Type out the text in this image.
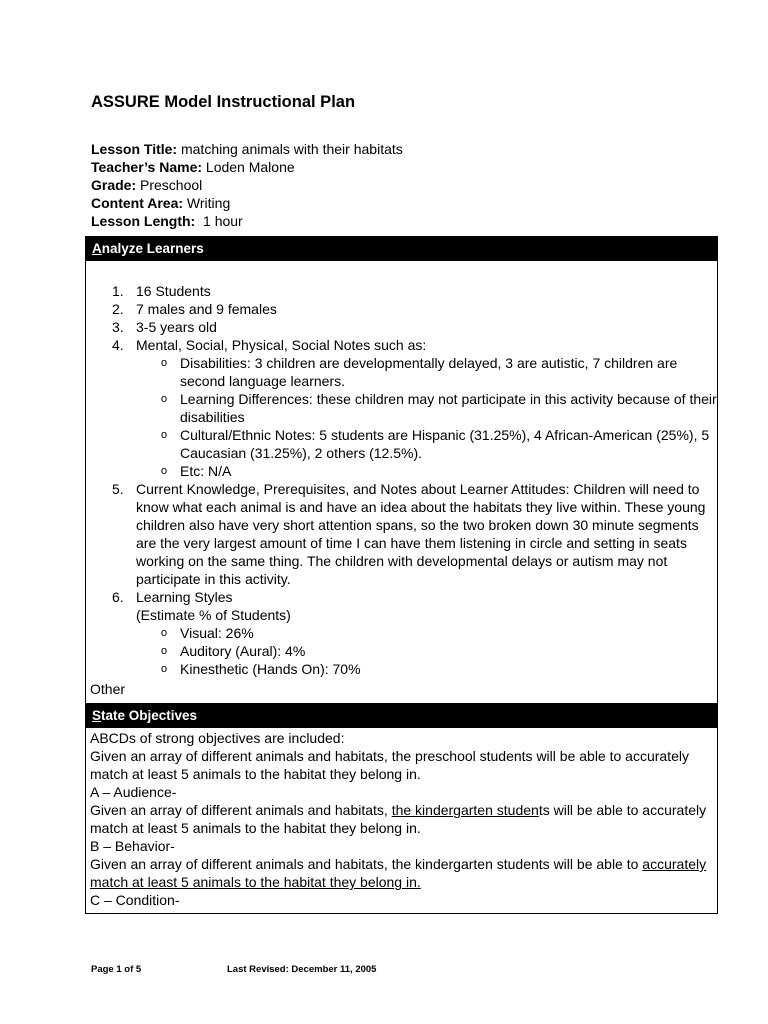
ASSURE Model Instructional Plan
Lesson Title: matching animals with their habitats
Teacher’s Name: Loden Malone
Grade: Preschool
Content Area: Writing
Lesson Length:  1 hour
Analyze Learners
1. 16 Students
2. 7 males and 9 females
3. 3-5 years old
4. Mental, Social, Physical, Social Notes such as:
o Disabilities: 3 children are developmentally delayed, 3 are autistic, 7 children are second language learners.
o Learning Differences: these children may not participate in this activity because of their disabilities
o Cultural/Ethnic Notes: 5 students are Hispanic (31.25%), 4 African-American (25%), 5 Caucasian (31.25%), 2 others (12.5%).
o Etc: N/A
5. Current Knowledge, Prerequisites, and Notes about Learner Attitudes: Children will need to know what each animal is and have an idea about the habitats they live within. These young children also have very short attention spans, so the two broken down 30 minute segments are the very largest amount of time I can have them listening in circle and setting in seats working on the same thing. The children with developmental delays or autism may not participate in this activity.
6. Learning Styles
(Estimate % of Students)
o Visual: 26%
o Auditory (Aural): 4%
o Kinesthetic (Hands On): 70%
Other
State Objectives
ABCDs of strong objectives are included:
Given an array of different animals and habitats, the preschool students will be able to accurately match at least 5 animals to the habitat they belong in.
A – Audience-
Given an array of different animals and habitats, the kindergarten students will be able to accurately match at least 5 animals to the habitat they belong in.
B – Behavior-
Given an array of different animals and habitats, the kindergarten students will be able to accurately match at least 5 animals to the habitat they belong in.
C – Condition-
Page 1 of 5	Last Revised: December 11, 2005
